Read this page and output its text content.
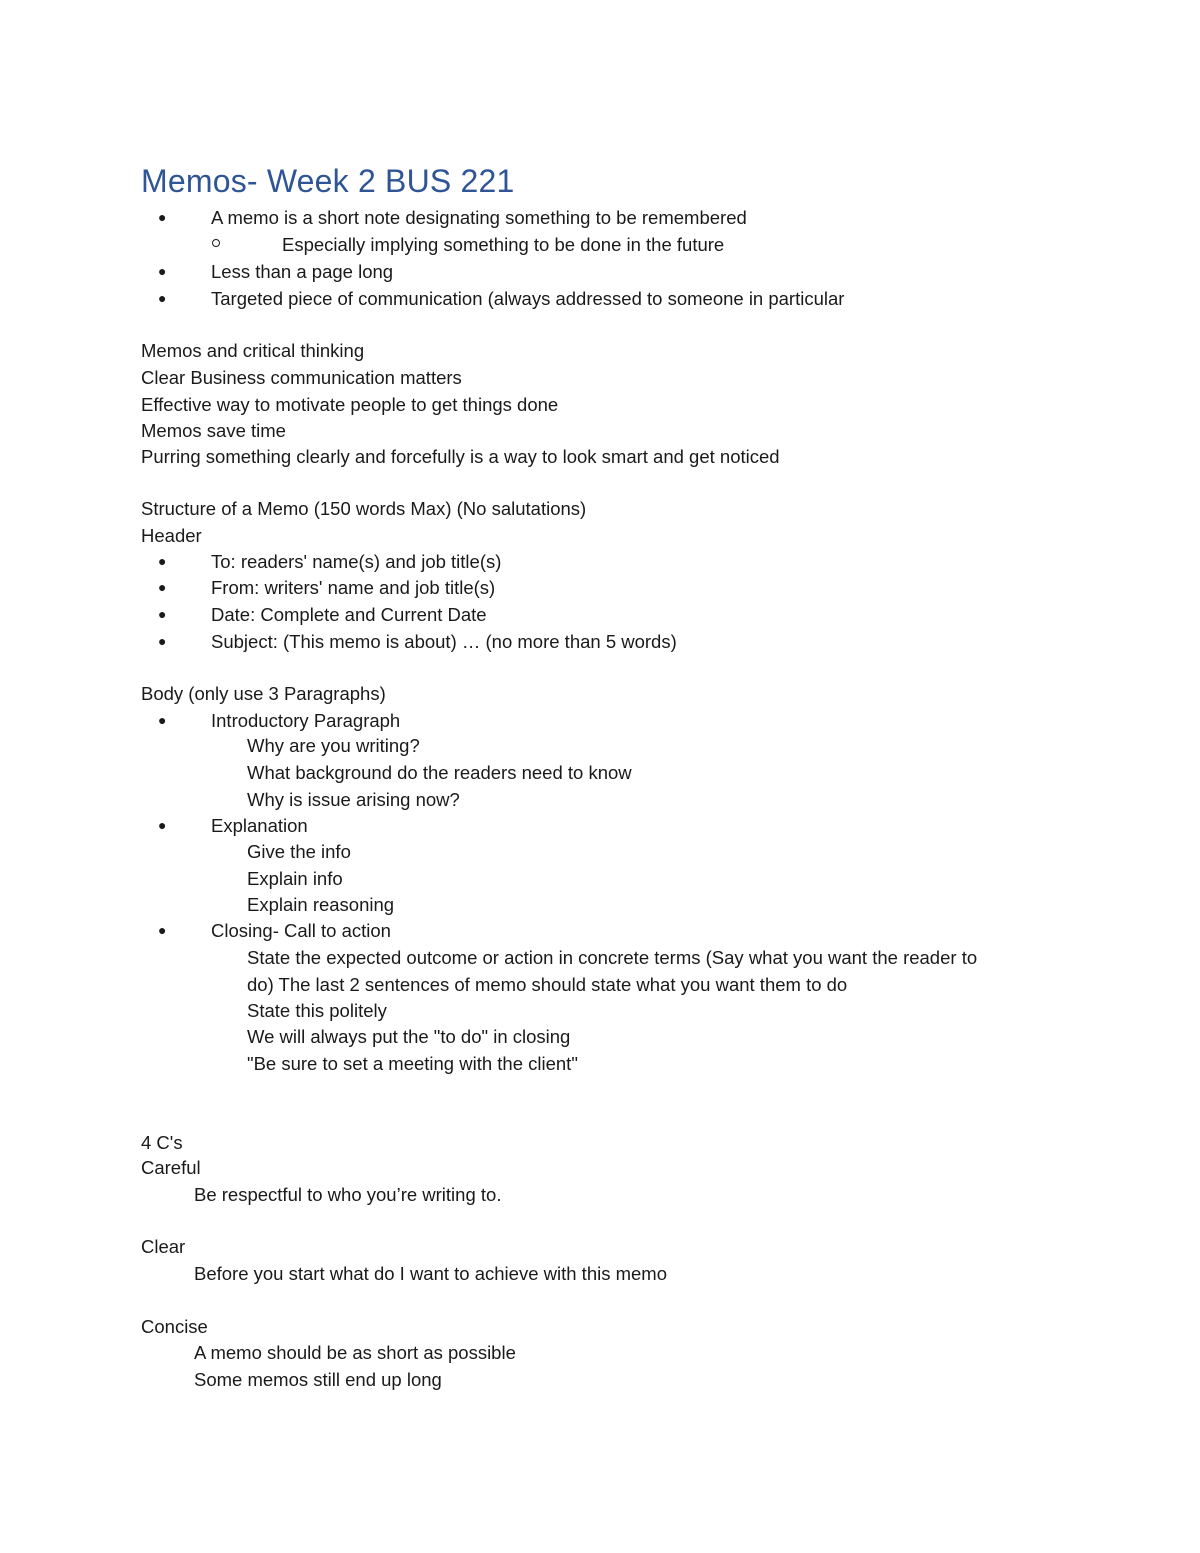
Memos- Week 2 BUS 221
● A memo is a short note designating something to be remembered
Especially implying something to be done in the future
● Less than a page long
● Targeted piece of communication (always addressed to someone in particular
Memos and critical thinking
Clear Business communication matters
Effective way to motivate people to get things done
Memos save time
Purring something clearly and forcefully is a way to look smart and get noticed
Structure of a Memo (150 words Max) (No salutations)
Header
● To: readers' name(s) and job title(s)
● From: writers' name and job title(s)
● Date: Complete and Current Date
● Subject: (This memo is about) … (no more than 5 words)
Body (only use 3 Paragraphs)
● Introductory Paragraph
Why are you writing?
What background do the readers need to know
Why is issue arising now?
● Explanation
Give the info
Explain info
Explain reasoning
● Closing- Call to action
State the expected outcome or action in concrete terms (Say what you want the reader to
do) The last 2 sentences of memo should state what you want them to do
State this politely
We will always put the "to do" in closing
"Be sure to set a meeting with the client"
4 C's
Careful
Be respectful to who you’re writing to.
Clear
Before you start what do I want to achieve with this memo
Concise
A memo should be as short as possible
Some memos still end up long
